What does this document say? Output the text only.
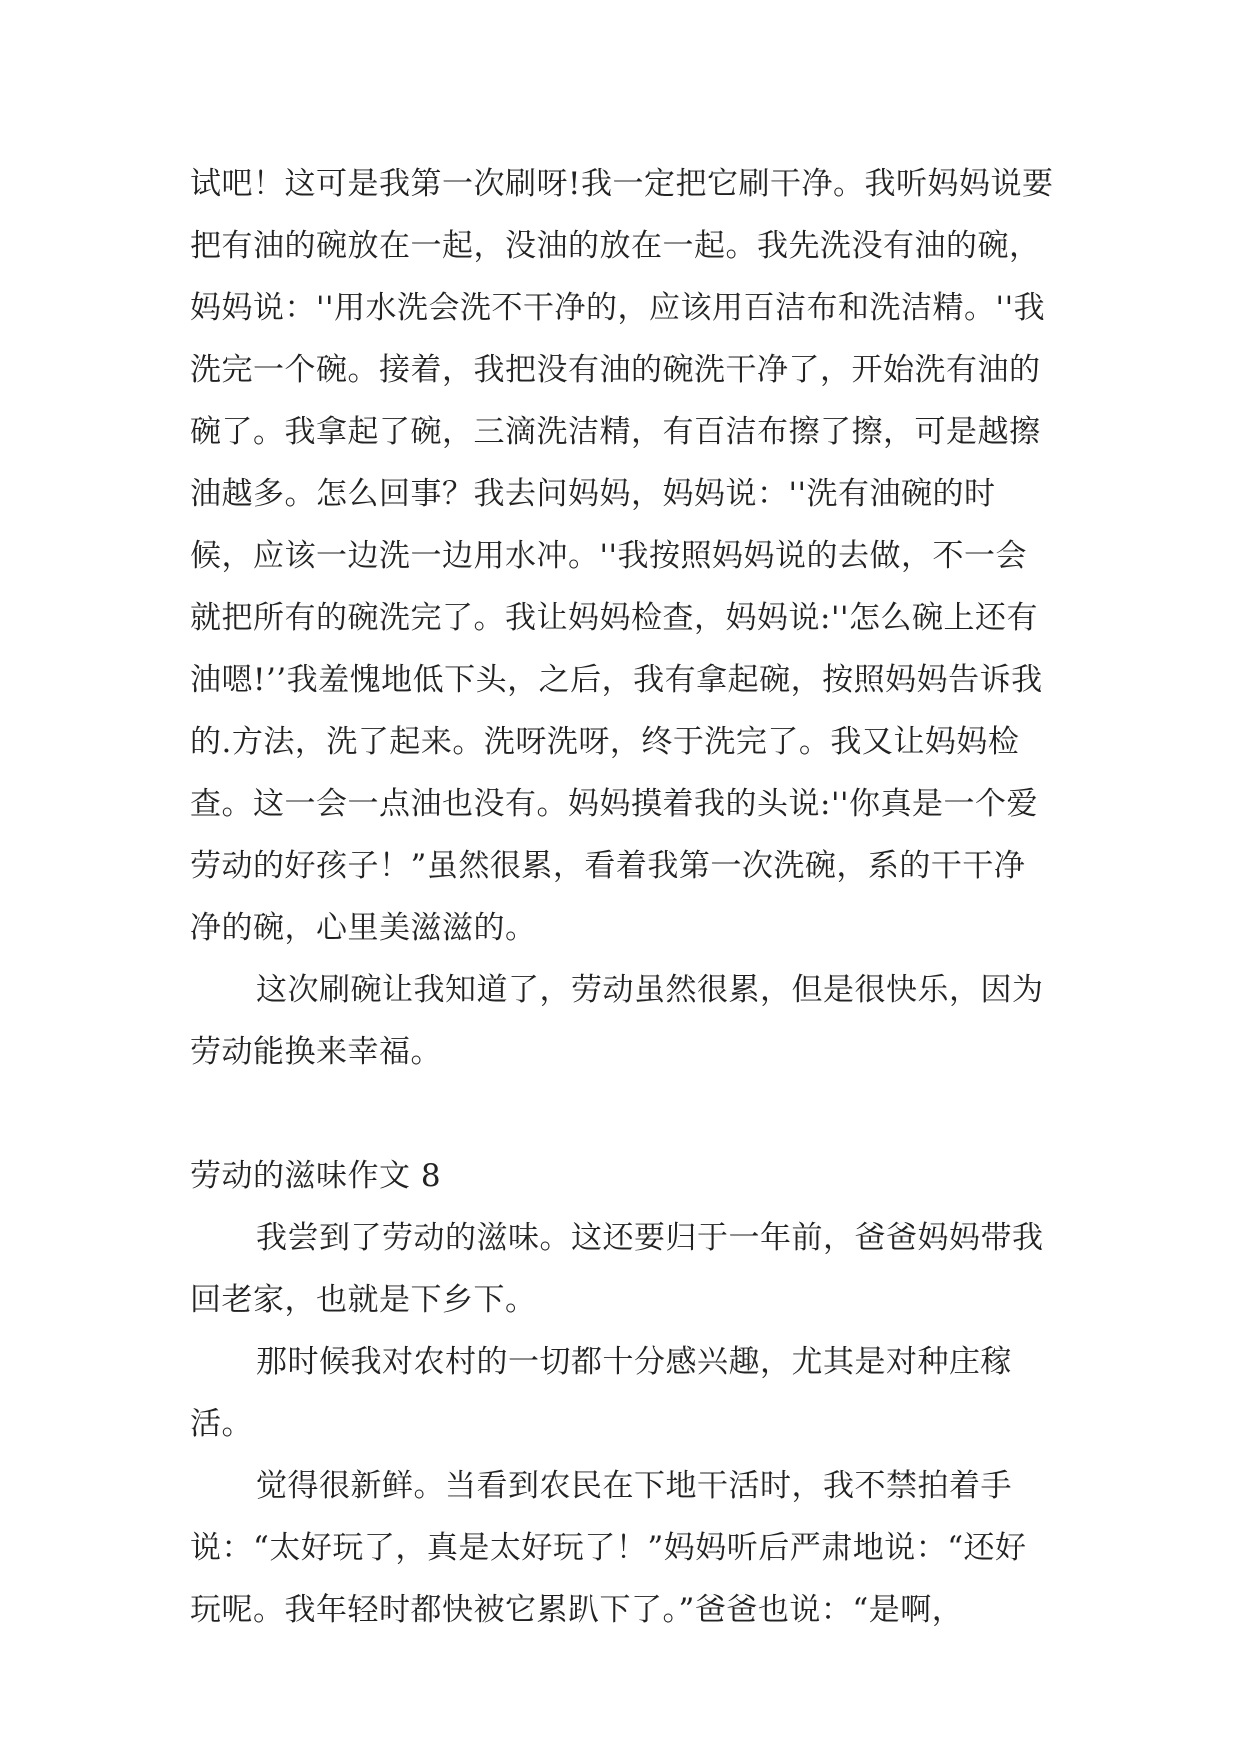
试吧！这可是我第一次刷呀!我一定把它刷干净。我听妈妈说要把有油的碗放在一起，没油的放在一起。我先洗没有油的碗，妈妈说：''用水洗会洗不干净的，应该用百洁布和洗洁精。''我洗完一个碗。接着，我把没有油的碗洗干净了，开始洗有油的碗了。我拿起了碗，三滴洗洁精，有百洁布擦了擦，可是越擦油越多。怎么回事？我去问妈妈，妈妈说：''洗有油碗的时候，应该一边洗一边用水冲。''我按照妈妈说的去做，不一会就把所有的碗洗完了。我让妈妈检查，妈妈说:''怎么碗上还有油嗯!’’我羞愧地低下头，之后，我有拿起碗，按照妈妈告诉我的.方法，洗了起来。洗呀洗呀，终于洗完了。我又让妈妈检查。这一会一点油也没有。妈妈摸着我的头说:''你真是一个爱劳动的好孩子！”虽然很累，看着我第一次洗碗，系的干干净净的碗，心里美滋滋的。

这次刷碗让我知道了，劳动虽然很累，但是很快乐，因为劳动能换来幸福。

劳动的滋味作文 8

我尝到了劳动的滋味。这还要归于一年前，爸爸妈妈带我回老家，也就是下乡下。

那时候我对农村的一切都十分感兴趣，尤其是对种庄稼活。

觉得很新鲜。当看到农民在下地干活时，我不禁拍着手说：“太好玩了，真是太好玩了！”妈妈听后严肃地说：“还好玩呢。我年轻时都快被它累趴下了。”爸爸也说：“是啊，
